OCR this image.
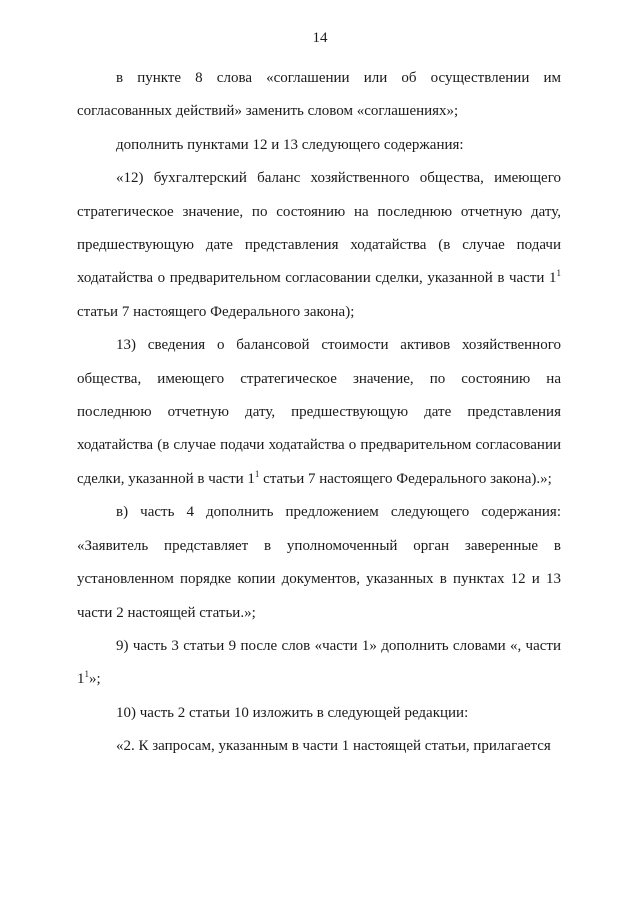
14

в пункте 8 слова «соглашении или об осуществлении им согласованных действий» заменить словом «соглашениях»;

дополнить пунктами 12 и 13 следующего содержания:

«12) бухгалтерский баланс хозяйственного общества, имеющего стратегическое значение, по состоянию на последнюю отчетную дату, предшествующую дате представления ходатайства (в случае подачи ходатайства о предварительном согласовании сделки, указанной в части $1^1$ статьи 7 настоящего Федерального закона);

13) сведения о балансовой стоимости активов хозяйственного общества, имеющего стратегическое значение, по состоянию на последнюю отчетную дату, предшествующую дате представления ходатайства (в случае подачи ходатайства о предварительном согласовании сделки, указанной в части $1^1$ статьи 7 настоящего Федерального закона).»;

в) часть 4 дополнить предложением следующего содержания: «Заявитель представляет в уполномоченный орган заверенные в установленном порядке копии документов, указанных в пунктах 12 и 13 части 2 настоящей статьи.»;

9) часть 3 статьи 9 после слов «части 1» дополнить словами «, части $1^1$»;

10) часть 2 статьи 10 изложить в следующей редакции:

«2. К запросам, указанным в части 1 настоящей статьи, прилагается
